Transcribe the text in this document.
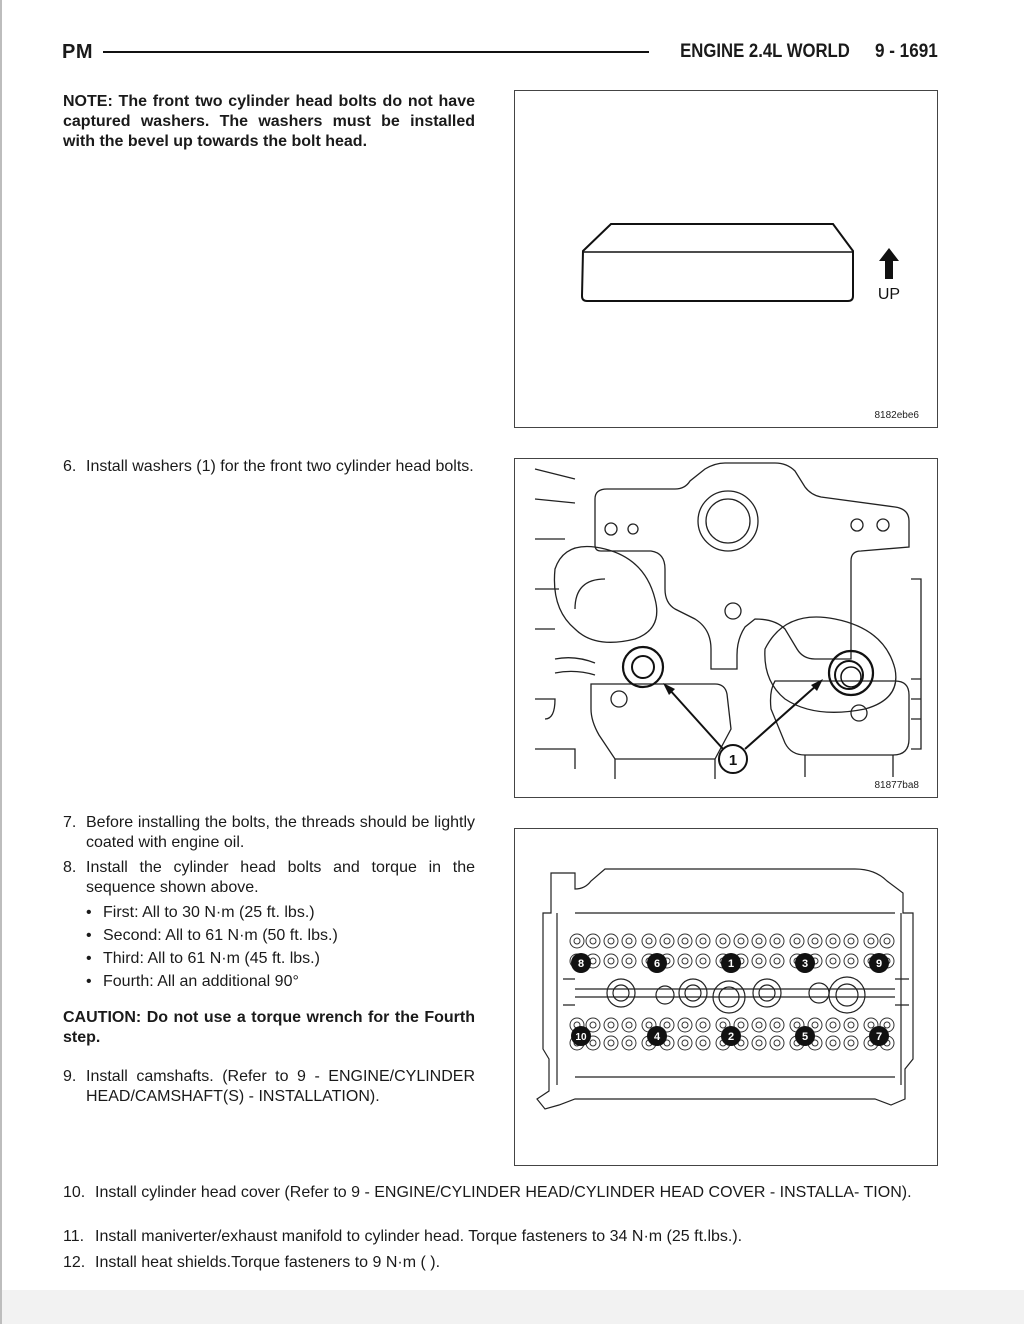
PM	ENGINE 2.4L WORLD 9 - 1691
NOTE: The front two cylinder head bolts do not have captured washers. The washers must be installed with the bevel up towards the bolt head.
6. Install washers (1) for the front two cylinder head bolts.
7. Before installing the bolts, the threads should be lightly coated with engine oil.
8. Install the cylinder head bolts and torque in the sequence shown above.
• First: All to 30 N·m (25 ft. lbs.)
• Second: All to 61 N·m (50 ft. lbs.)
• Third: All to 61 N·m (45 ft. lbs.)
• Fourth: All an additional 90°
CAUTION: Do not use a torque wrench for the Fourth step.
9. Install camshafts. (Refer to 9 - ENGINE/CYLINDER HEAD/CAMSHAFT(S) - INSTALLATION).
10. Install cylinder head cover (Refer to 9 - ENGINE/CYLINDER HEAD/CYLINDER HEAD COVER - INSTALLA- TION).
11. Install maniverter/exhaust manifold to cylinder head. Torque fasteners to 34 N·m (25 ft.lbs.).
12. Install heat shields.Torque fasteners to 9 N·m ( ).
UP
8182ebe6
1
81877ba8
8	6	1	3	9
10	4	2	5	7
